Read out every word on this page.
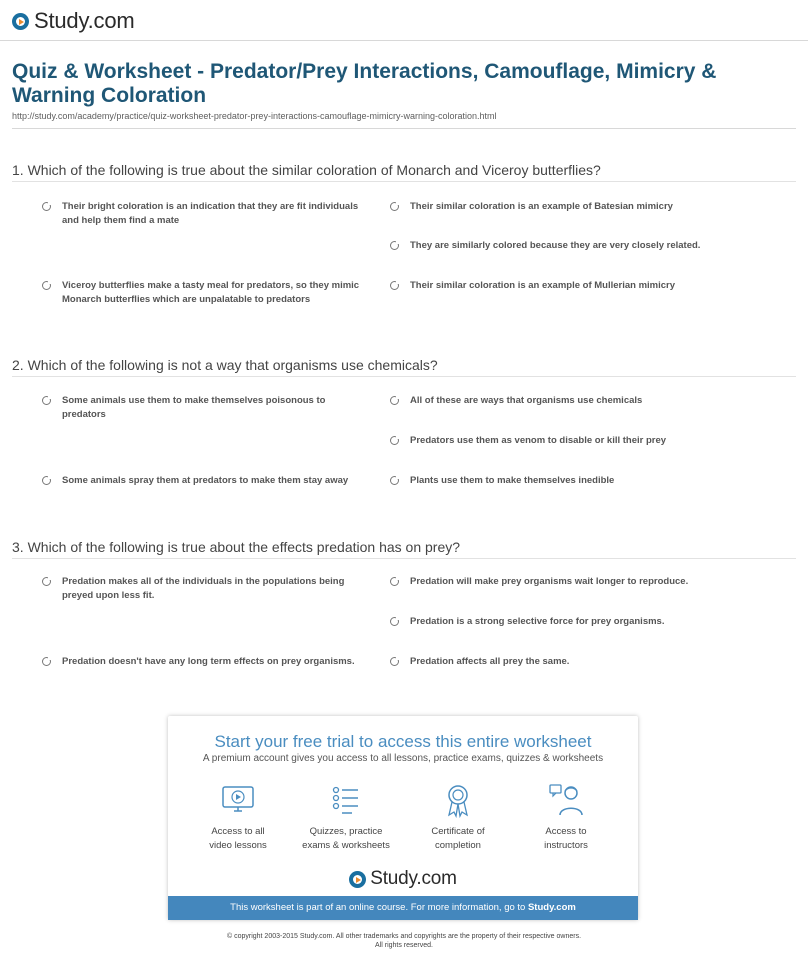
Study.com
Quiz & Worksheet - Predator/Prey Interactions, Camouflage, Mimicry & Warning Coloration
http://study.com/academy/practice/quiz-worksheet-predator-prey-interactions-camouflage-mimicry-warning-coloration.html
1. Which of the following is true about the similar coloration of Monarch and Viceroy butterflies?
Their bright coloration is an indication that they are fit individuals and help them find a mate
Their similar coloration is an example of Batesian mimicry
They are similarly colored because they are very closely related.
Viceroy butterflies make a tasty meal for predators, so they mimic Monarch butterflies which are unpalatable to predators
Their similar coloration is an example of Mullerian mimicry
2. Which of the following is not a way that organisms use chemicals?
Some animals use them to make themselves poisonous to predators
All of these are ways that organisms use chemicals
Predators use them as venom to disable or kill their prey
Some animals spray them at predators to make them stay away	Plants use them to make themselves inedible
3. Which of the following is true about the effects predation has on prey?
Predation makes all of the individuals in the populations being preyed upon less fit.
Predation will make prey organisms wait longer to reproduce.
Predation is a strong selective force for prey organisms.
Predation doesn't have any long term effects on prey organisms.	Predation affects all prey the same.
Start your free trial to access this entire worksheet
A premium account gives you access to all lessons, practice exams, quizzes & worksheets
Access to all
video lessons
Quizzes, practice
exams & worksheets
Certificate of
completion
Access to
instructors
Study.com
This worksheet is part of an online course. For more information, go to Study.com
© copyright 2003-2015 Study.com. All other trademarks and copyrights are the property of their respective owners.
All rights reserved.
